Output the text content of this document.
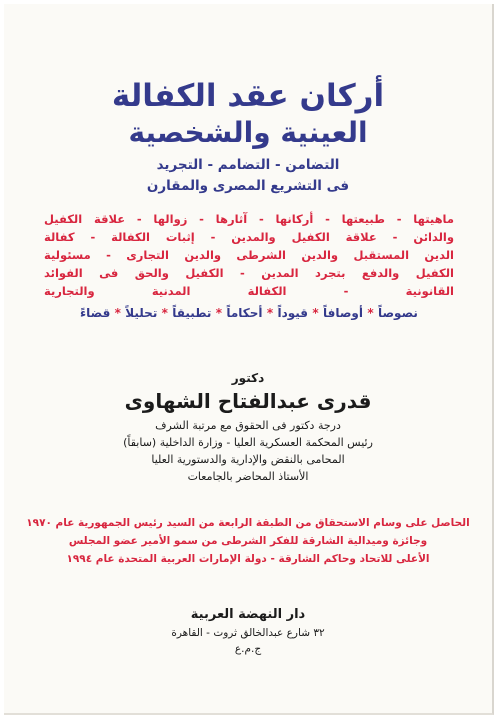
أركان عقد الكفالة
العينية والشخصية

التضامن - التضامم - التجريد

فى التشريع المصرى والمقارن

ماهيتها - طبيعتها - أركانها - آثارها - زوالها - علاقة الكفيل

والدائن - علاقة الكفيل والمدين - إثبات الكفالة - كفالة

الدين المستقبل والدين الشرطى والدين التجارى - مسئولية

الكفيل والدفع بتجرد المدين - الكفيل والحق فى الفوائد

القانونية - الكفالة المدنية والتجارية

نصوصاً * أوصافاً * قيوداً * أحكاماً * تطبيقاً * تحليلاً * قضاءً

دكتور

قدرى عبدالفتاح الشهاوى

درجة دكتور فى الحقوق مع مرتبة الشرف

رئيس المحكمة العسكرية العليا - وزارة الداخلية (سابقاً)

المحامى بالنقض والإدارية والدستورية العليا

الأستاذ المحاضر بالجامعات

الحاصل على وسام الاستحقاق من الطبقة الرابعة من السيد رئيس الجمهورية عام ١٩٧٠

وجائزة وميدالية الشارقة للفكر الشرطى من سمو الأمير عضو المجلس

الأعلى للاتحاد وحاكم الشارقة - دولة الإمارات العربية المتحدة عام ١٩٩٤

دار النهضة العربية

٣٢ شارع عبدالخالق ثروت - القاهرة

ج.م.ع
